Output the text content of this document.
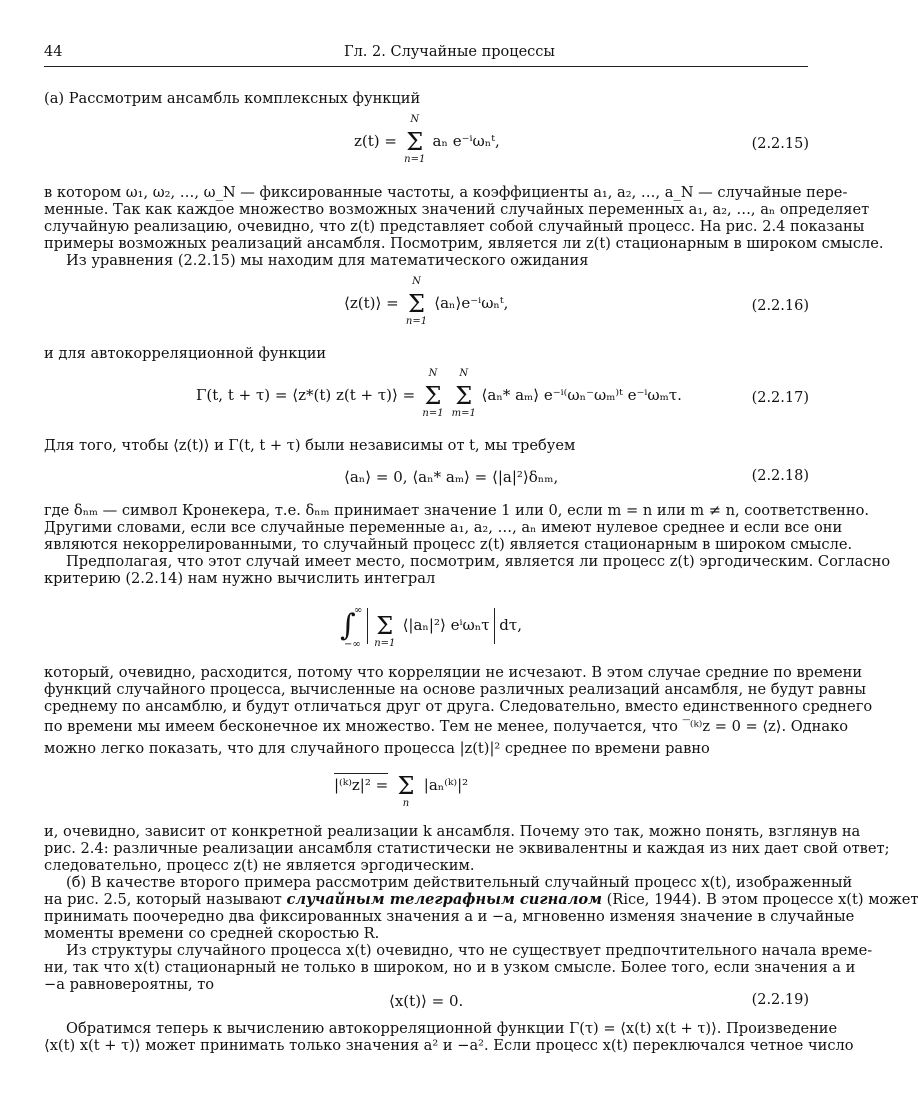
44	Гл. 2. Случайные процессы
(а) Рассмотрим ансамбль комплексных функций
z(t) =
N
Σ
n=1
aₙ e⁻ⁱωₙᵗ,	(2.2.15)
в котором ω₁, ω₂, …, ω_N — фиксированные частоты, а коэффициенты a₁, a₂, …, a_N — случайные пере-
менные. Так как каждое множество возможных значений случайных переменных a₁, a₂, …, aₙ определяет
случайную реализацию, очевидно, что z(t) представляет собой случайный процесс. На рис. 2.4 показаны
примеры возможных реализаций ансамбля. Посмотрим, является ли z(t) стационарным в широком смысле.
Из уравнения (2.2.15) мы находим для математического ожидания
⟨z(t)⟩ =
N
Σ
n=1
⟨aₙ⟩e⁻ⁱωₙᵗ,	(2.2.16)
и для автокорреляционной функции
Γ(t, t + τ) = ⟨z*(t) z(t + τ)⟩ =
N
Σ
n=1

N
Σ
m=1
⟨aₙ* aₘ⟩ e⁻ⁱ⁽ωₙ⁻ωₘ⁾ᵗ e⁻ⁱωₘτ.	(2.2.17)
Для того, чтобы ⟨z(t)⟩ и Γ(t, t + τ) были независимы от t, мы требуем
⟨aₙ⟩ = 0, ⟨aₙ* aₘ⟩ = ⟨|a|²⟩δₙₘ,	(2.2.18)
где δₙₘ — символ Кронекера, т.е. δₙₘ принимает значение 1 или 0, если m = n или m ≠ n, соответственно.
Другими словами, если все случайные переменные a₁, a₂, …, aₙ имеют нулевое среднее и если все они
являются некоррелированными, то случайный процесс z(t) является стационарным в широком смысле.
Предполагая, что этот случай имеет место, посмотрим, является ли процесс z(t) эргодическим. Согласно
критерию (2.2.14) нам нужно вычислить интеграл
∫
∞
−∞
Σ
n=1
⟨|aₙ|²⟩ eⁱωₙτ dτ,
который, очевидно, расходится, потому что корреляции не исчезают. В этом случае средние по времени
функций случайного процесса, вычисленные на основе различных реализаций ансамбля, не будут равны
среднему по ансамблю, и будут отличаться друг от друга. Следовательно, вместо единственного среднего
по времени мы имеем бесконечное их множество. Тем не менее, получается, что ‾⁽ᵏ⁾z = 0 = ⟨z⟩. Однако
можно легко показать, что для случайного процесса |z(t)|² среднее по времени равно
|⁽ᵏ⁾z|² = Σ
n
|aₙ⁽ᵏ⁾|²
и, очевидно, зависит от конкретной реализации k ансамбля. Почему это так, можно понять, взглянув на
рис. 2.4: различные реализации ансамбля статистически не эквивалентны и каждая из них дает свой ответ;
следовательно, процесс z(t) не является эргодическим.
(б) В качестве второго примера рассмотрим действительный случайный процесс x(t), изображенный
на рис. 2.5, который называют случайным телеграфным сигналом (Rice, 1944). В этом процессе x(t) может
принимать поочередно два фиксированных значения a и −a, мгновенно изменяя значение в случайные
моменты времени со средней скоростью R.
Из структуры случайного процесса x(t) очевидно, что не существует предпочтительного начала време-
ни, так что x(t) стационарный не только в широком, но и в узком смысле. Более того, если значения a и
−a равновероятны, то
⟨x(t)⟩ = 0.	(2.2.19)
Обратимся теперь к вычислению автокорреляционной функции Γ(τ) = ⟨x(t) x(t + τ)⟩. Произведение
⟨x(t) x(t + τ)⟩ может принимать только значения a² и −a². Если процесс x(t) переключался четное число
